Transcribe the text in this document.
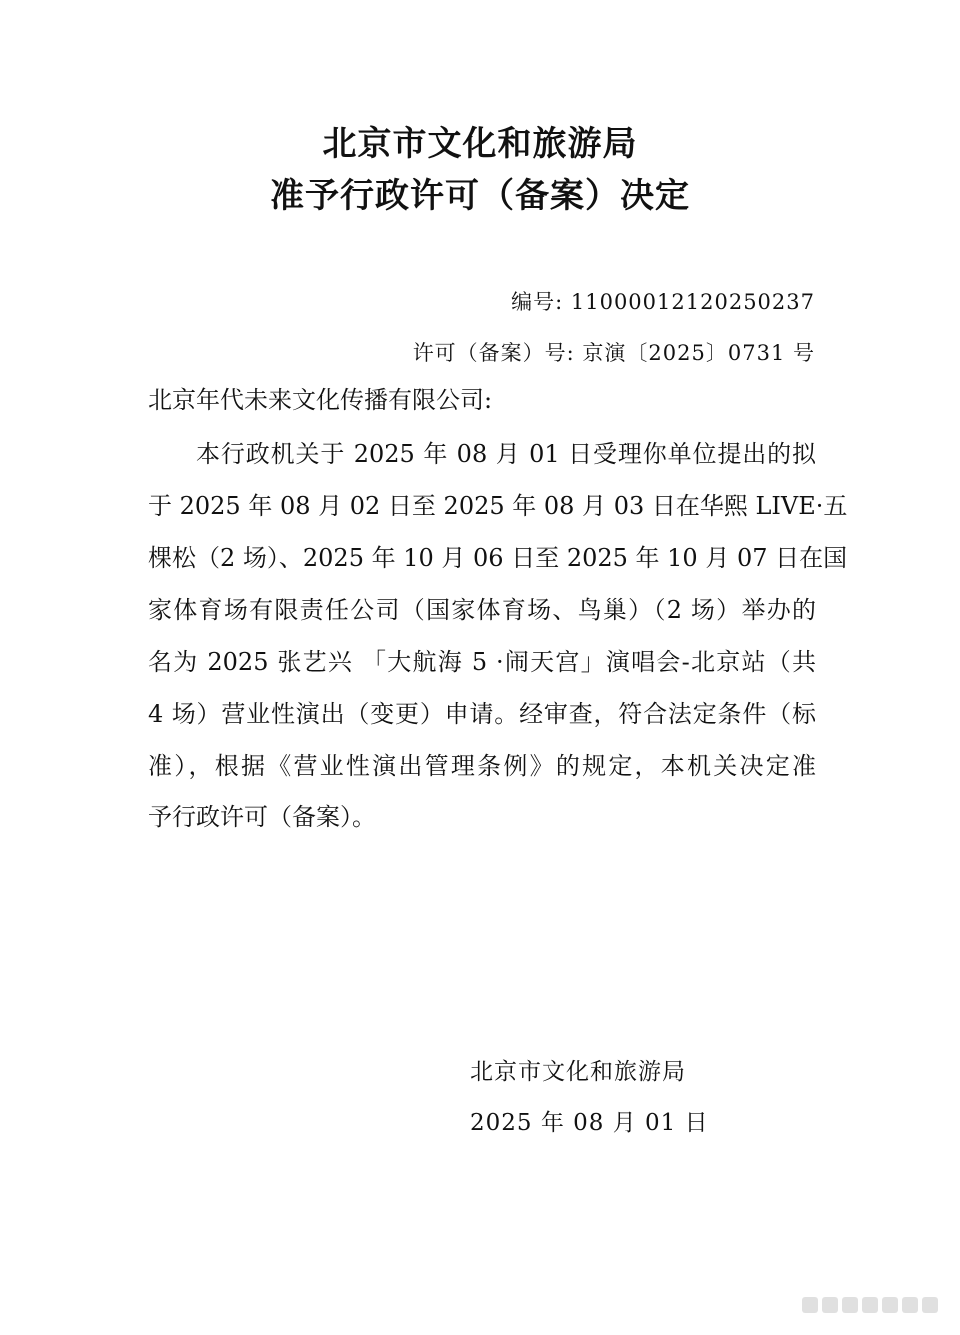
北京市文化和旅游局
准予行政许可（备案）决定
编号: 11000012120250237
许可（备案）号: 京演〔2025〕0731 号
北京年代未来文化传播有限公司:
本行政机关于 2025 年 08 月 01 日受理你单位提出的拟
于 2025 年 08 月 02 日至 2025 年 08 月 03 日在华熙 LIVE·五
棵松（2 场）、2025 年 10 月 06 日至 2025 年 10 月 07 日在国
家体育场有限责任公司（国家体育场、鸟巢）（2 场）举办的
名为 2025 张艺兴 「大航海 5 ·闹天宫」演唱会-北京站（共
4 场）营业性演出（变更）申请。经审查，符合法定条件（标
准），根据《营业性演出管理条例》的规定，本机关决定准
予行政许可（备案）。
北京市文化和旅游局
2025 年 08 月 01 日
